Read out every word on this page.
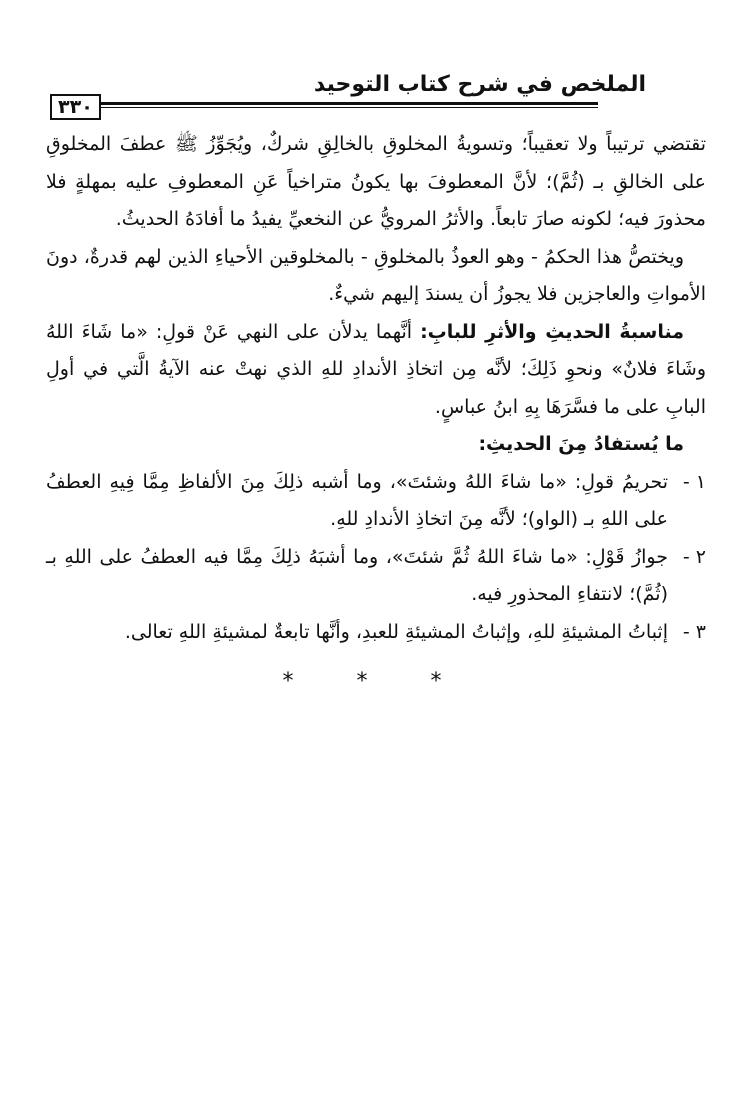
الملخص في شرح كتاب التوحيد
٣٣٠

تقتضي ترتيباً ولا تعقيباً؛ وتسويةُ المخلوقِ بالخالِقِ شركٌ، ويُجَوِّزُ ﷺ عطفَ المخلوقِ على الخالقِ بـ (ثُمَّ)؛ لأنَّ المعطوفَ بها يكونُ متراخياً عَنِ المعطوفِ عليه بمهلةٍ فلا محذورَ فيه؛ لكونه صارَ تابعاً. والأثرُ المرويُّ عن النخعيِّ يفيدُ ما أفادَهُ الحديثُ.

ويختصُّ هذا الحكمُ - وهو العوذُ بالمخلوقِ - بالمخلوقين الأحياءِ الذين لهم قدرةٌ، دونَ الأمواتِ والعاجزين فلا يجوزُ أن يسندَ إليهم شيءٌ.

مناسبةُ الحديثِ والأثرِ للبابِ: أنَّهما يدلأن على النهي عَنْ قولِ: «ما شَاءَ اللهُ وشَاءَ فلانٌ» ونحوِ ذَلِكَ؛ لأنَّه مِن اتخاذِ الأندادِ للهِ الذي نهتْ عنه الآيةُ الَّتي في أولِ البابِ على ما فسَّرَهَا بِهِ ابنُ عباسٍ.

ما يُستفادُ مِنَ الحديثِ:

١ -
تحريمُ قولِ: «ما شاءَ اللهُ وشئتَ»، وما أشبه ذلِكَ مِنَ الألفاظِ مِمَّا فِيهِ العطفُ على اللهِ بـ (الواو)؛ لأنَّه مِنَ اتخاذِ الأندادِ للهِ.
٢ -
جوازُ قَوْلِ: «ما شاءَ اللهُ ثُمَّ شئتَ»، وما أشبَهُ ذلِكَ مِمَّا فيه العطفُ على اللهِ بـ (ثُمَّ)؛ لانتفاءِ المحذورِ فيه.
٣ -
إثباتُ المشيئةِ للهِ، وإثباتُ المشيئةِ للعبدِ، وأنَّها تابعةٌ لمشيئةِ اللهِ تعالى.
* * *
